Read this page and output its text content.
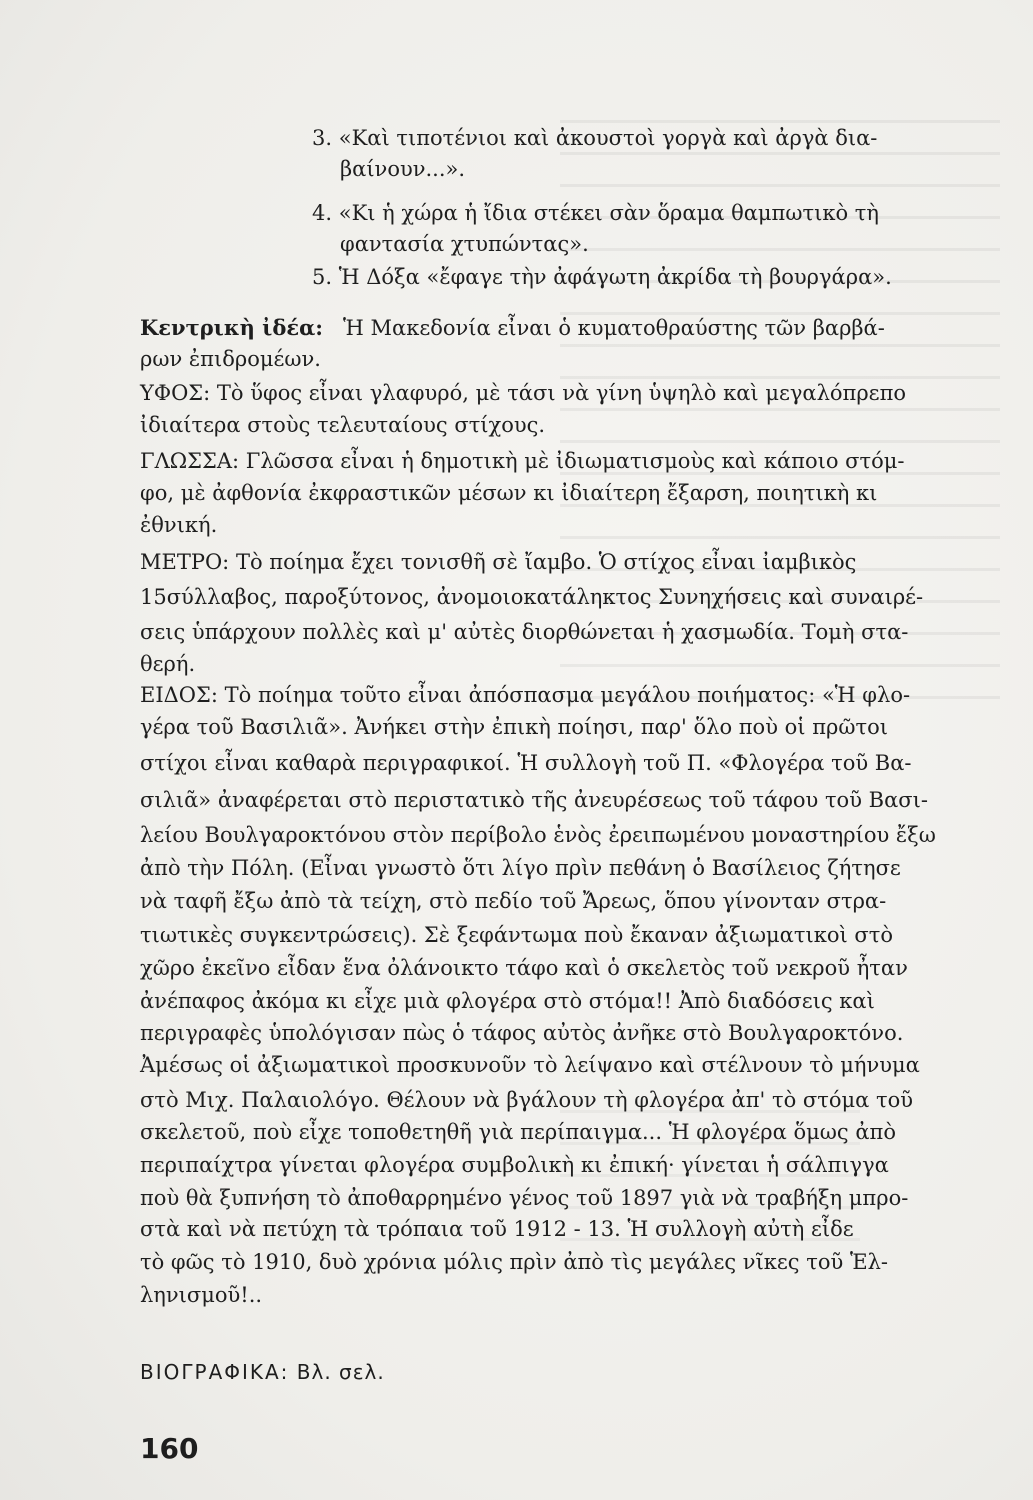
3. «Καὶ τιποτένιοι καὶ ἀκουστοὶ γοργὰ καὶ ἀργὰ δια-
βαίνουν...».
4. «Κι ἡ χώρα ἡ ἴδια στέκει σὰν ὅραμα θαμπωτικὸ τὴ
φαντασία χτυπώντας».
5. Ἡ Δόξα «ἔφαγε τὴν ἀφάγωτη ἀκρίδα τὴ βουργάρα».
Κεντρικὴ ἰδέα: Ἡ Μακεδονία εἶναι ὁ κυματοθραύστης τῶν βαρβά-
ρων ἐπιδρομέων.
ΥΦΟΣ: Τὸ ὕφος εἶναι γλαφυρό, μὲ τάσι νὰ γίνη ὑψηλὸ καὶ μεγαλόπρεπο
ἰδιαίτερα στοὺς τελευταίους στίχους.
ΓΛΩΣΣΑ: Γλῶσσα εἶναι ἡ δημοτικὴ μὲ ἰδιωματισμοὺς καὶ κάποιο στόμ-
φο, μὲ ἀφθονία ἐκφραστικῶν μέσων κι ἰδιαίτερη ἔξαρση, ποιητικὴ κι
ἐθνική.
ΜΕΤΡΟ: Τὸ ποίημα ἔχει τονισθῆ σὲ ἴαμβο. Ὁ στίχος εἶναι ἰαμβικὸς
15σύλλαβος, παροξύτονος, ἀνομοιοκατάληκτος Συνηχήσεις καὶ συναιρέ-
σεις ὑπάρχουν πολλὲς καὶ μ' αὐτὲς διορθώνεται ἡ χασμωδία. Τομὴ στα-
θερή.
ΕΙΔΟΣ: Τὸ ποίημα τοῦτο εἶναι ἀπόσπασμα μεγάλου ποιήματος: «Ἡ φλο-
γέρα τοῦ Βασιλιᾶ». Ἀνήκει στὴν ἐπικὴ ποίησι, παρ' ὅλο ποὺ οἱ πρῶτοι
στίχοι εἶναι καθαρὰ περιγραφικοί. Ἡ συλλογὴ τοῦ Π. «Φλογέρα τοῦ Βα-
σιλιᾶ» ἀναφέρεται στὸ περιστατικὸ τῆς ἀνευρέσεως τοῦ τάφου τοῦ Βασι-
λείου Βουλγαροκτόνου στὸν περίβολο ἑνὸς ἐρειπωμένου μοναστηρίου ἔξω
ἀπὸ τὴν Πόλη. (Εἶναι γνωστὸ ὅτι λίγο πρὶν πεθάνη ὁ Βασίλειος ζήτησε
νὰ ταφῆ ἔξω ἀπὸ τὰ τείχη, στὸ πεδίο τοῦ Ἄρεως, ὅπου γίνονταν στρα-
τιωτικὲς συγκεντρώσεις). Σὲ ξεφάντωμα ποὺ ἔκαναν ἀξιωματικοὶ στὸ
χῶρο ἐκεῖνο εἶδαν ἕνα ὀλάνοικτο τάφο καὶ ὁ σκελετὸς τοῦ νεκροῦ ἦταν
ἀνέπαφος ἀκόμα κι εἶχε μιὰ φλογέρα στὸ στόμα!! Ἀπὸ διαδόσεις καὶ
περιγραφὲς ὑπολόγισαν πὼς ὁ τάφος αὐτὸς ἀνῆκε στὸ Βουλγαροκτόνο.
Ἀμέσως οἱ ἀξιωματικοὶ προσκυνοῦν τὸ λείψανο καὶ στέλνουν τὸ μήνυμα
στὸ Μιχ. Παλαιολόγο. Θέλουν νὰ βγάλουν τὴ φλογέρα ἀπ' τὸ στόμα τοῦ
σκελετοῦ, ποὺ εἶχε τοποθετηθῆ γιὰ περίπαιγμα... Ἡ φλογέρα ὅμως ἀπὸ
περιπαίχτρα γίνεται φλογέρα συμβολικὴ κι ἐπική· γίνεται ἡ σάλπιγγα
ποὺ θὰ ξυπνήση τὸ ἀποθαρρημένο γένος τοῦ 1897 γιὰ νὰ τραβήξη μπρο-
στὰ καὶ νὰ πετύχη τὰ τρόπαια τοῦ 1912 - 13. Ἡ συλλογὴ αὐτὴ εἶδε
τὸ φῶς τὸ 1910, δυὸ χρόνια μόλις πρὶν ἀπὸ τὶς μεγάλες νῖκες τοῦ Ἑλ-
ληνισμοῦ!..
ΒΙΟΓΡΑΦΙΚΑ: Βλ. σελ.
160
